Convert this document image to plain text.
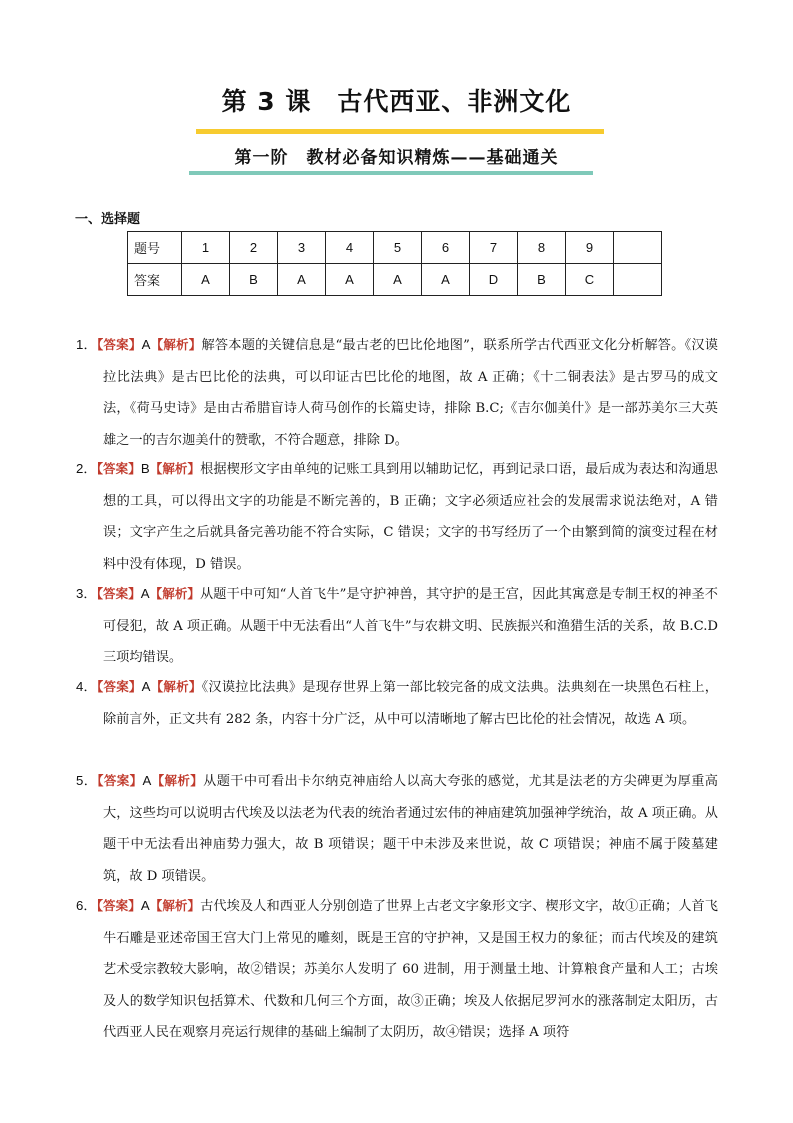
第 3 课　古代西亚、非洲文化
第一阶　教材必备知识精炼——基础通关
一、选择题
题号	1	2	3	4	5	6	7	8	9	
答案	A	B	A	A	A	A	D	B	C	
1．【答案】A【解析】解答本题的关键信息是“最古老的巴比伦地图”，联系所学古代西亚文化分析解答。《汉谟拉比法典》是古巴比伦的法典，可以印证古巴比伦的地图，故 A 正确；《十二铜表法》是古罗马的成文法，《荷马史诗》是由古希腊盲诗人荷马创作的长篇史诗，排除 B.C;《吉尔伽美什》是一部苏美尔三大英雄之一的吉尔迦美什的赞歌，不符合题意，排除 D。
2．【答案】B【解析】根据楔形文字由单纯的记账工具到用以辅助记忆，再到记录口语，最后成为表达和沟通思想的工具，可以得出文字的功能是不断完善的，B 正确；文字必须适应社会的发展需求说法绝对，A 错误；文字产生之后就具备完善功能不符合实际，C 错误；文字的书写经历了一个由繁到简的演变过程在材料中没有体现，D 错误。
3．【答案】A【解析】从题干中可知“人首飞牛”是守护神兽，其守护的是王宫，因此其寓意是专制王权的神圣不可侵犯，故 A 项正确。从题干中无法看出“人首飞牛”与农耕文明、民族振兴和渔猎生活的关系，故 B.C.D 三项均错误。
4．【答案】A【解析】《汉谟拉比法典》是现存世界上第一部比较完备的成文法典。法典刻在一块黑色石柱上，除前言外，正文共有 282 条，内容十分广泛，从中可以清晰地了解古巴比伦的社会情况，故选 A 项。
5．【答案】A【解析】从题干中可看出卡尔纳克神庙给人以高大夸张的感觉，尤其是法老的方尖碑更为厚重高大，这些均可以说明古代埃及以法老为代表的统治者通过宏伟的神庙建筑加强神学统治，故 A 项正确。从题干中无法看出神庙势力强大，故 B 项错误；题干中未涉及来世说，故 C 项错误；神庙不属于陵墓建筑，故 D 项错误。
6．【答案】A【解析】古代埃及人和西亚人分别创造了世界上古老文字象形文字、楔形文字，故①正确；人首飞牛石雕是亚述帝国王宫大门上常见的雕刻，既是王宫的守护神，又是国王权力的象征；而古代埃及的建筑艺术受宗教较大影响，故②错误；苏美尔人发明了 60 进制，用于测量土地、计算粮食产量和人工；古埃及人的数学知识包括算术、代数和几何三个方面，故③正确；埃及人依据尼罗河水的涨落制定太阳历，古代西亚人民在观察月亮运行规律的基础上编制了太阴历，故④错误；选择 A 项符
